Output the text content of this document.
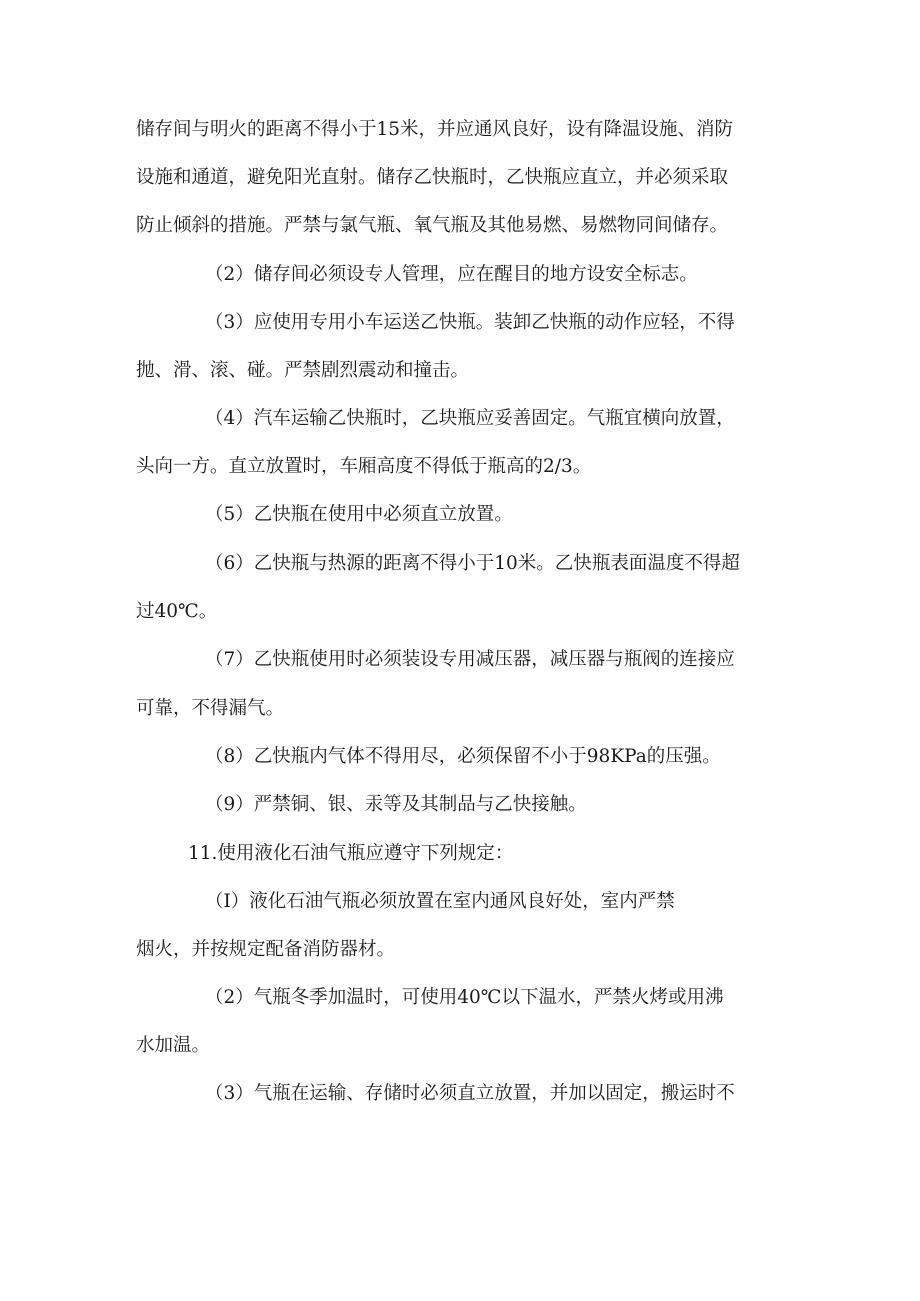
储存间与明火的距离不得小于15米，并应通风良好，设有降温设施、消防

设施和通道，避免阳光直射。储存乙快瓶时，乙快瓶应直立，并必须采取

防止倾斜的措施。严禁与氯气瓶、氧气瓶及其他易燃、易燃物同间储存。

（2）储存间必须设专人管理，应在醒目的地方设安全标志。

（3）应使用专用小车运送乙快瓶。装卸乙快瓶的动作应轻，不得

抛、滑、滚、碰。严禁剧烈震动和撞击。

（4）汽车运输乙快瓶时，乙块瓶应妥善固定。气瓶宜横向放置，

头向一方。直立放置时，车厢高度不得低于瓶高的2/3。

（5）乙快瓶在使用中必须直立放置。

（6）乙快瓶与热源的距离不得小于10米。乙快瓶表面温度不得超

过40℃。

（7）乙快瓶使用时必须装设专用减压器，减压器与瓶阀的连接应

可靠，不得漏气。

（8）乙快瓶内气体不得用尽，必须保留不小于98KPa的压强。

（9）严禁铜、银、汞等及其制品与乙快接触。

11.使用液化石油气瓶应遵守下列规定：

（I）液化石油气瓶必须放置在室内通风良好处，室内严禁

烟火，并按规定配备消防器材。

（2）气瓶冬季加温时，可使用40℃以下温水，严禁火烤或用沸

水加温。

（3）气瓶在运输、存储时必须直立放置，并加以固定，搬运时不
